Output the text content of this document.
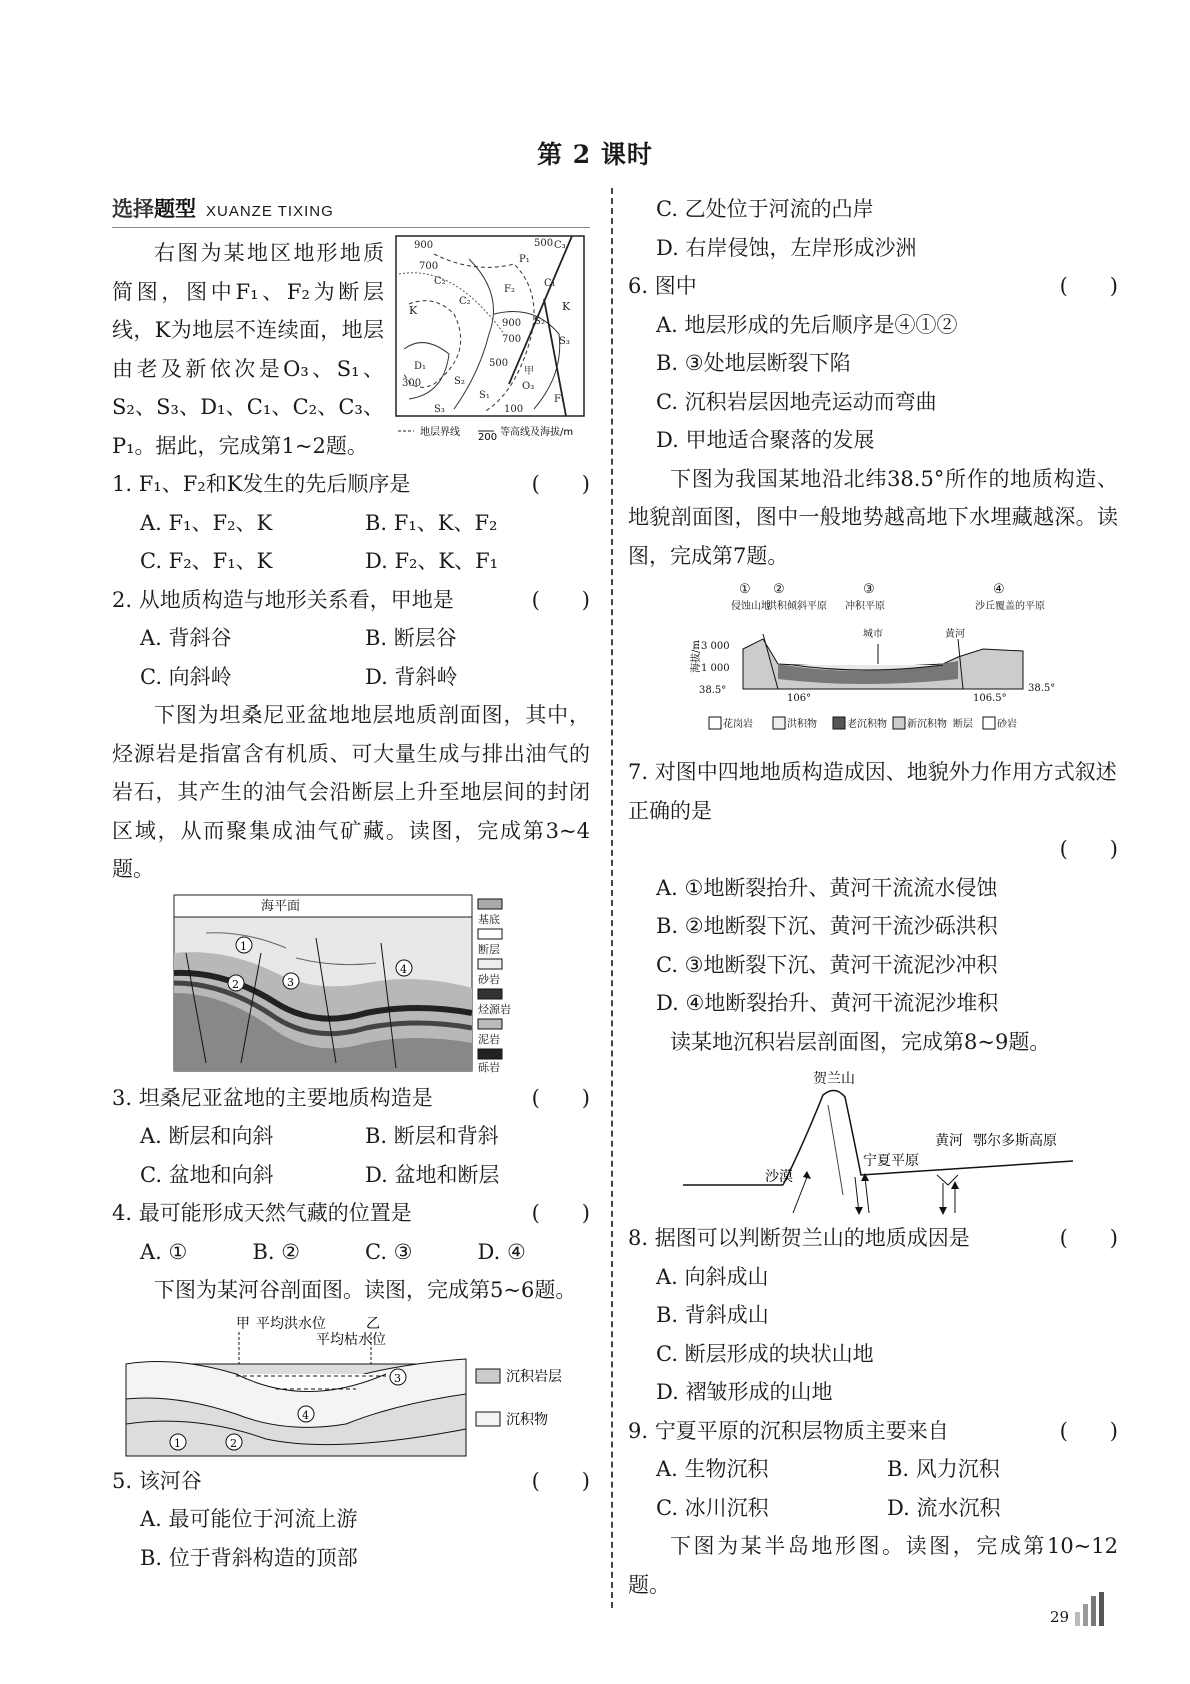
第 2 课时
选择题型 XUANZE TIXING
900
700
500 C₃
P₁
C₂
C₂
K	K
F₂
C₁
900
700
500
D₁
300	S₂
S₁
S₂
S₃
甲
O₃
F₁
100
S₃
地层界线 200 等高线及海拔/m
右图为某地区地形地质简图，图中F₁、F₂为断层线，K为地层不连续面，地层由老及新依次是O₃、S₁、S₂、S₃、D₁、C₁、C₂、C₃、P₁。据此，完成第1~2题。
1. F₁、F₂和K发生的先后顺序是	(　　)
A. F₁、F₂、K	B. F₁、K、F₂
C. F₂、F₁、K	D. F₂、K、F₁
2. 从地质构造与地形关系看，甲地是	(　　)
A. 背斜谷	B. 断层谷
C. 向斜岭	D. 背斜岭
下图为坦桑尼亚盆地地层地质剖面图，其中，烃源岩是指富含有机质、可大量生成与排出油气的岩石，其产生的油气会沿断层上升至地层间的封闭区域，从而聚集成油气矿藏。读图，完成第3~4题。
海平面
1
2	3
4
基底
断层
砂岩
烃源岩
泥岩
砾岩
3. 坦桑尼亚盆地的主要地质构造是	(　　)
A. 断层和向斜	B. 断层和背斜
C. 盆地和向斜	D. 盆地和断层
4. 最可能形成天然气藏的位置是	(　　)
A. ①	B. ②	C. ③	D. ④
下图为某河谷剖面图。读图，完成第5~6题。
甲 平均洪水位
平均枯水位
乙
1	2
3
4
沉积岩层
沉积物
5. 该河谷	(　　)
A. 最可能位于河流上游
B. 位于背斜构造的顶部
C. 乙处位于河流的凸岸
D. 右岸侵蚀，左岸形成沙洲
6. 图中	(　　)
A. 地层形成的先后顺序是④①②
B. ③处地层断裂下陷
C. 沉积岩层因地壳运动而弯曲
D. 甲地适合聚落的发展
下图为我国某地沿北纬38.5°所作的地质构造、地貌剖面图，图中一般地势越高地下水埋藏越深。读图，完成第7题。
① ②	③	④
侵蚀山地
洪积倾斜平原 冲积平原	沙丘覆盖的平原
城市	黄河
3 000
1 000
38.5°	38.5°
106°	106.5°
海拔/m
花岗岩	洪积物	老沉积物 新沉积物 断层 砂岩
7. 对图中四地地质构造成因、地貌外力作用方式叙述正确的是
(　　)

A. ①地断裂抬升、黄河干流流水侵蚀
B. ②地断裂下沉、黄河干流沙砾洪积
C. ③地断裂下沉、黄河干流泥沙冲积
D. ④地断裂抬升、黄河干流泥沙堆积
读某地沉积岩层剖面图，完成第8~9题。
贺兰山
沙漠
宁夏平原
黄河 鄂尔多斯高原
8. 据图可以判断贺兰山的地质成因是	(　　)
A. 向斜成山
B. 背斜成山
C. 断层形成的块状山地
D. 褶皱形成的山地
9. 宁夏平原的沉积层物质主要来自	(　　)
A. 生物沉积	B. 风力沉积
C. 冰川沉积	D. 流水沉积
下图为某半岛地形图。读图，完成第10~12题。
29
